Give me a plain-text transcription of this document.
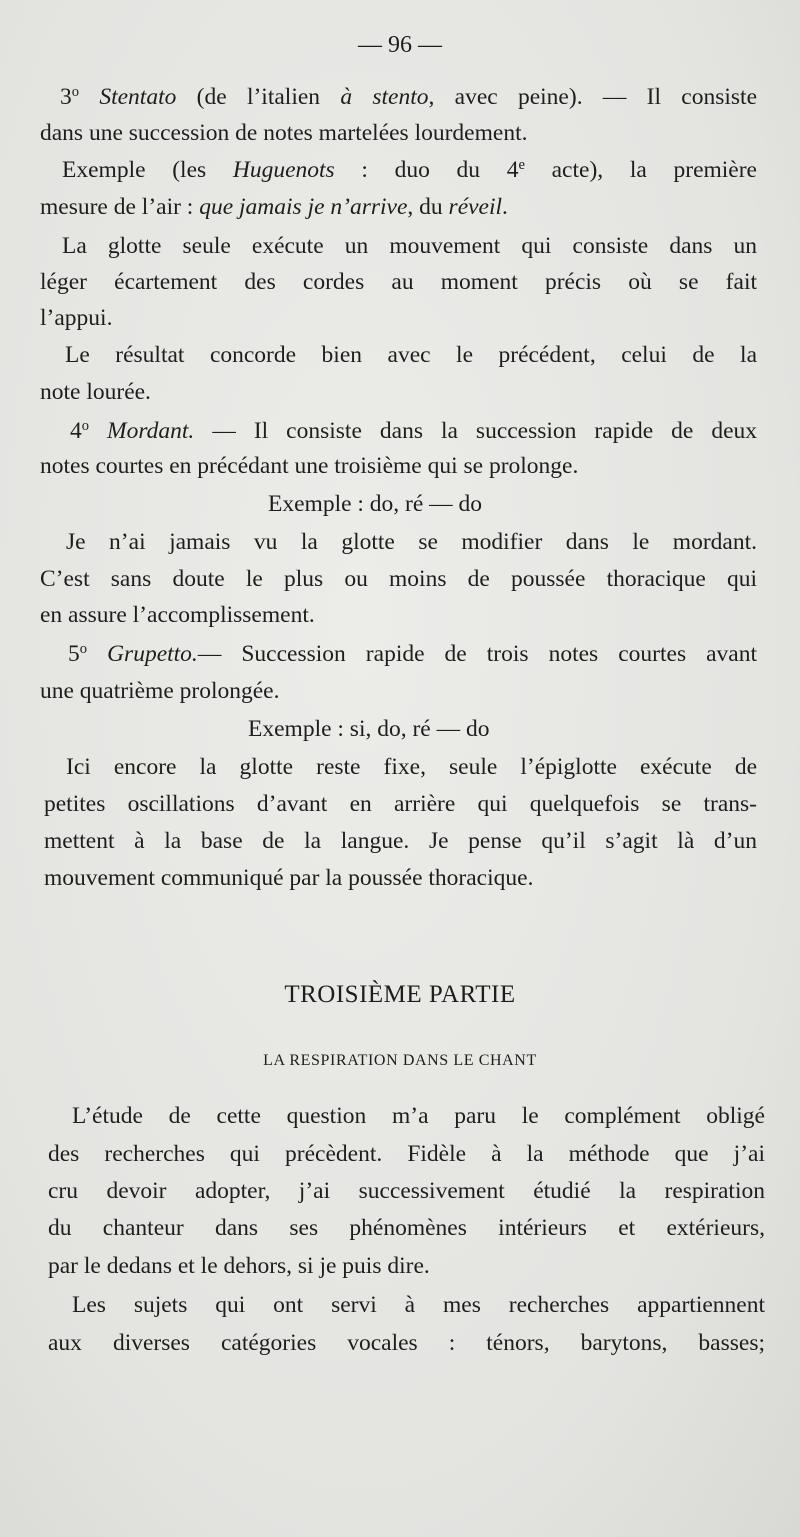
— 96 —
3$^o$ Stentato (de l’italien à stento, avec peine). — Il consiste
dans une succession de notes martelées lourdement.
Exemple (les Huguenots : duo du 4e acte), la première
mesure de l’air : que jamais je n’arrive, du réveil.
La glotte seule exécute un mouvement qui consiste dans un
léger écartement des cordes au moment précis où se fait
l’appui.
Le résultat concorde bien avec le précédent, celui de la
note lourée.
4$^o$ Mordant. — Il consiste dans la succession rapide de deux
notes courtes en précédant une troisième qui se prolonge.
Exemple : do, ré — do
Je n’ai jamais vu la glotte se modifier dans le mordant.
C’est sans doute le plus ou moins de poussée thoracique qui
en assure l’accomplissement.
5$^o$ Grupetto.— Succession rapide de trois notes courtes avant
une quatrième prolongée.
Exemple : si, do, ré — do
Ici encore la glotte reste fixe, seule l’épiglotte exécute de
petites oscillations d’avant en arrière qui quelquefois se trans-
mettent à la base de la langue. Je pense qu’il s’agit là d’un
mouvement communiqué par la poussée thoracique.
TROISIÈME PARTIE
LA RESPIRATION DANS LE CHANT
L’étude de cette question m’a paru le complément obligé
des recherches qui précèdent. Fidèle à la méthode que j’ai
cru devoir adopter, j’ai successivement étudié la respiration
du chanteur dans ses phénomènes intérieurs et extérieurs,
par le dedans et le dehors, si je puis dire.
Les sujets qui ont servi à mes recherches appartiennent
aux diverses catégories vocales : ténors, barytons, basses;
